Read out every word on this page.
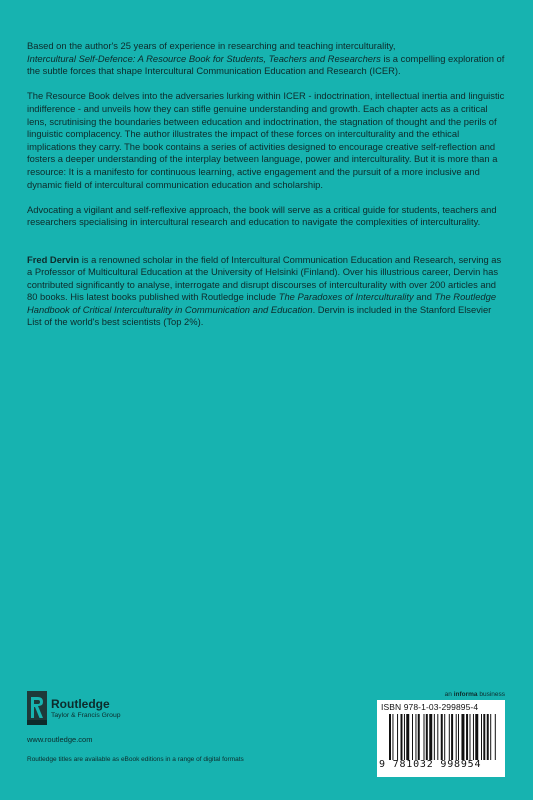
Based on the author's 25 years of experience in researching and teaching interculturality,
Intercultural Self-Defence: A Resource Book for Students, Teachers and Researchers is a compelling exploration of the subtle forces that shape Intercultural Communication Education and Research (ICER).

The Resource Book delves into the adversaries lurking within ICER - indoctrination, intellectual inertia and linguistic indifference - and unveils how they can stifle genuine understanding and growth. Each chapter acts as a critical lens, scrutinising the boundaries between education and indoctrination, the stagnation of thought and the perils of linguistic complacency. The author illustrates the impact of these forces on interculturality and the ethical implications they carry. The book contains a series of activities designed to encourage creative self-reflection and fosters a deeper understanding of the interplay between language, power and interculturality. But it is more than a resource: It is a manifesto for continuous learning, active engagement and the pursuit of a more inclusive and dynamic field of intercultural communication education and scholarship.

Advocating a vigilant and self-reflexive approach, the book will serve as a critical guide for students, teachers and researchers specialising in intercultural research and education to navigate the complexities of interculturality.

Fred Dervin is a renowned scholar in the field of Intercultural Communication Education and Research, serving as a Professor of Multicultural Education at the University of Helsinki (Finland). Over his illustrious career, Dervin has contributed significantly to analyse, interrogate and disrupt discourses of interculturality with over 200 articles and 80 books. His latest books published with Routledge include The Paradoxes of Interculturality and The Routledge Handbook of Critical Interculturality in Communication and Education. Dervin is included in the Stanford Elsevier List of the world's best scientists (Top 2%).

Routledge
Taylor & Francis Group
www.routledge.com
Routledge titles are available as eBook editions in a range of digital formats
an informa business
ISBN 978-1-03-299895-4
9 781032 998954
